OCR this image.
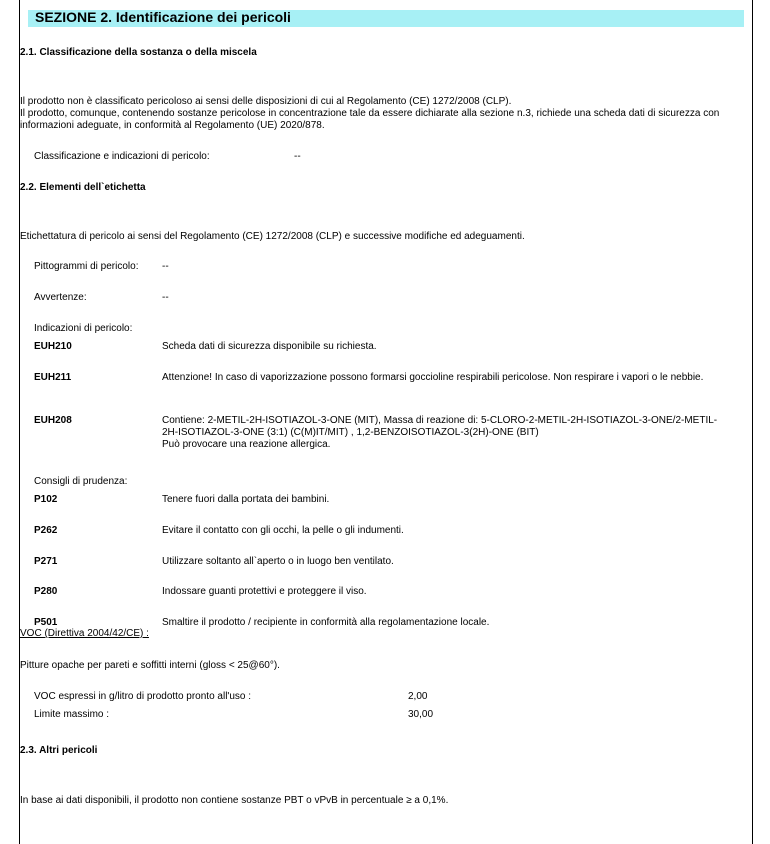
SEZIONE 2. Identificazione dei pericoli
2.1. Classificazione della sostanza o della miscela
Il prodotto non è classificato pericoloso ai sensi delle disposizioni di cui al Regolamento (CE) 1272/2008 (CLP).
Il prodotto, comunque, contenendo sostanze pericolose in concentrazione tale da essere dichiarate alla sezione n.3, richiede una scheda dati di sicurezza con informazioni adeguate, in conformità al Regolamento (UE) 2020/878.
Classificazione e indicazioni di pericolo:	--
2.2. Elementi dell`etichetta
Etichettatura di pericolo ai sensi del Regolamento (CE) 1272/2008 (CLP) e successive modifiche ed adeguamenti.
Pittogrammi di pericolo: --
Avvertenze:	--
Indicazioni di pericolo:
EUH210	Scheda dati di sicurezza disponibile su richiesta.
EUH211	Attenzione! In caso di vaporizzazione possono formarsi goccioline respirabili pericolose. Non respirare i vapori o le nebbie.
EUH208	Contiene: 2-METIL-2H-ISOTIAZOL-3-ONE (MIT), Massa di reazione di: 5-CLORO-2-METIL-2H-ISOTIAZOL-3-ONE/2-METIL-2H-ISOTIAZOL-3-ONE (3:1) (C(M)IT/MIT) , 1,2-BENZOISOTIAZOL-3(2H)-ONE (BIT)
Può provocare una reazione allergica.
Consigli di prudenza:
P102	Tenere fuori dalla portata dei bambini.
P262	Evitare il contatto con gli occhi, la pelle o gli indumenti.
P271	Utilizzare soltanto all`aperto o in luogo ben ventilato.
P280	Indossare guanti protettivi e proteggere il viso.
P501	Smaltire il prodotto / recipiente in conformità alla regolamentazione locale.
VOC (Direttiva 2004/42/CE) :
Pitture opache per pareti e soffitti interni (gloss < 25@60°).
VOC espressi in g/litro di prodotto pronto all'uso :	2,00
Limite massimo :	30,00
2.3. Altri pericoli
In base ai dati disponibili, il prodotto non contiene sostanze PBT o vPvB in percentuale ≥ a 0,1%.
